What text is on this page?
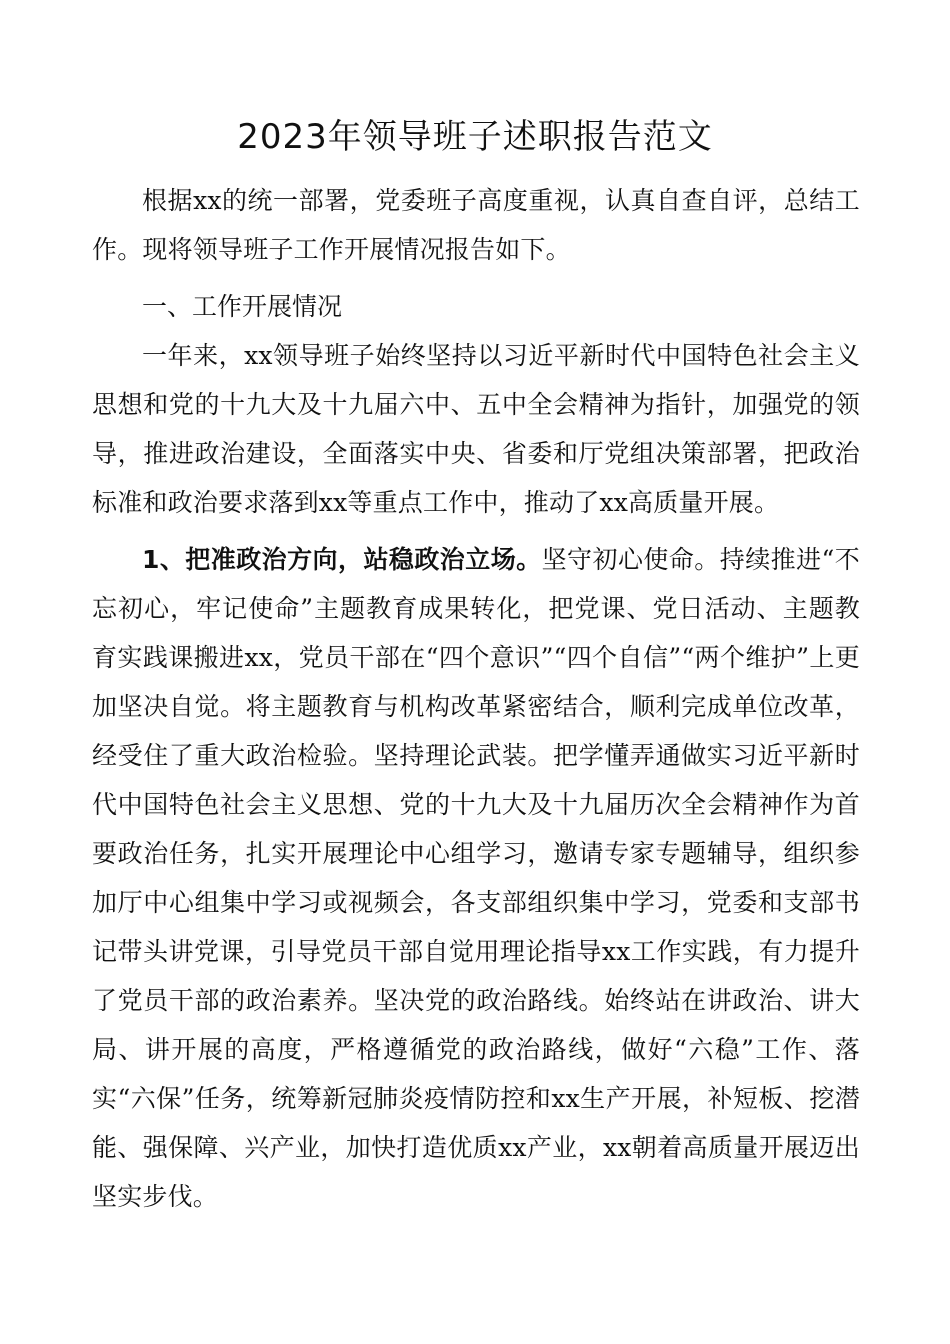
2023年领导班子述职报告范文

根据xx的统一部署，党委班子高度重视，认真自查自评，总结工作。现将领导班子工作开展情况报告如下。

一、工作开展情况

一年来，xx领导班子始终坚持以习近平新时代中国特色社会主义思想和党的十九大及十九届六中、五中全会精神为指针，加强党的领导，推进政治建设，全面落实中央、省委和厅党组决策部署，把政治标准和政治要求落到xx等重点工作中，推动了xx高质量开展。

1、把准政治方向，站稳政治立场。坚守初心使命。持续推进“不忘初心，牢记使命”主题教育成果转化，把党课、党日活动、主题教育实践课搬进xx，党员干部在“四个意识”“四个自信”“两个维护”上更加坚决自觉。将主题教育与机构改革紧密结合，顺利完成单位改革，经受住了重大政治检验。坚持理论武装。把学懂弄通做实习近平新时代中国特色社会主义思想、党的十九大及十九届历次全会精神作为首要政治任务，扎实开展理论中心组学习，邀请专家专题辅导，组织参加厅中心组集中学习或视频会，各支部组织集中学习，党委和支部书记带头讲党课，引导党员干部自觉用理论指导xx工作实践，有力提升了党员干部的政治素养。坚决党的政治路线。始终站在讲政治、讲大局、讲开展的高度，严格遵循党的政治路线，做好“六稳”工作、落实“六保”任务，统筹新冠肺炎疫情防控和xx生产开展，补短板、挖潜能、强保障、兴产业，加快打造优质xx产业，xx朝着高质量开展迈出坚实步伐。
